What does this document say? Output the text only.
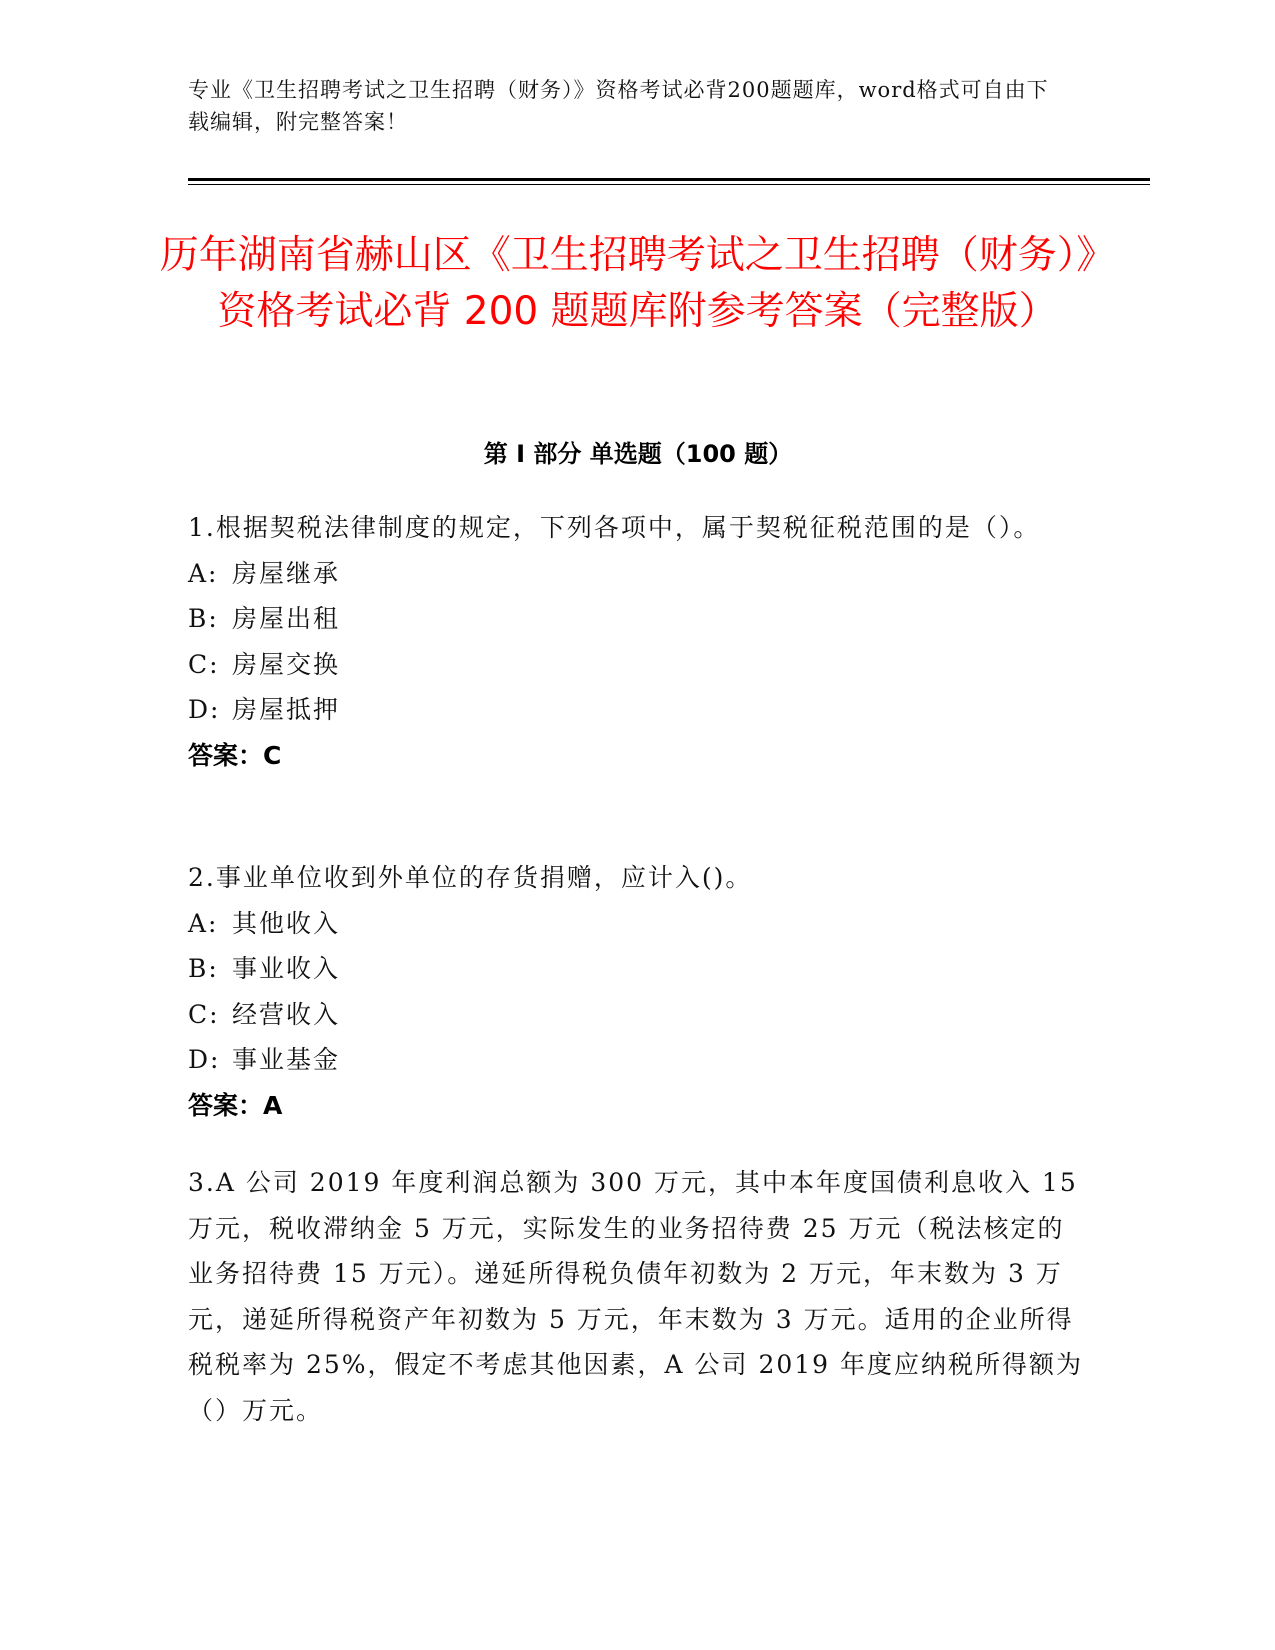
专业《卫生招聘考试之卫生招聘（财务）》资格考试必背200题题库，word格式可自由下载编辑，附完整答案！
历年湖南省赫山区《卫生招聘考试之卫生招聘（财务）》资格考试必背 200 题题库附参考答案（完整版）
第 I 部分 单选题（100 题）

1.根据契税法律制度的规定，下列各项中，属于契税征税范围的是（）。

A: 房屋继承

B: 房屋出租

C: 房屋交换

D: 房屋抵押

答案：C

2.事业单位收到外单位的存货捐赠，应计入()。

A: 其他收入

B: 事业收入

C: 经营收入

D: 事业基金

答案：A

3.A 公司 2019 年度利润总额为 300 万元，其中本年度国债利息收入 15 万元，税收滞纳金 5 万元，实际发生的业务招待费 25 万元（税法核定的业务招待费 15 万元）。递延所得税负债年初数为 2 万元，年末数为 3 万元，递延所得税资产年初数为 5 万元，年末数为 3 万元。适用的企业所得税税率为 25%，假定不考虑其他因素，A 公司 2019 年度应纳税所得额为（）万元。
